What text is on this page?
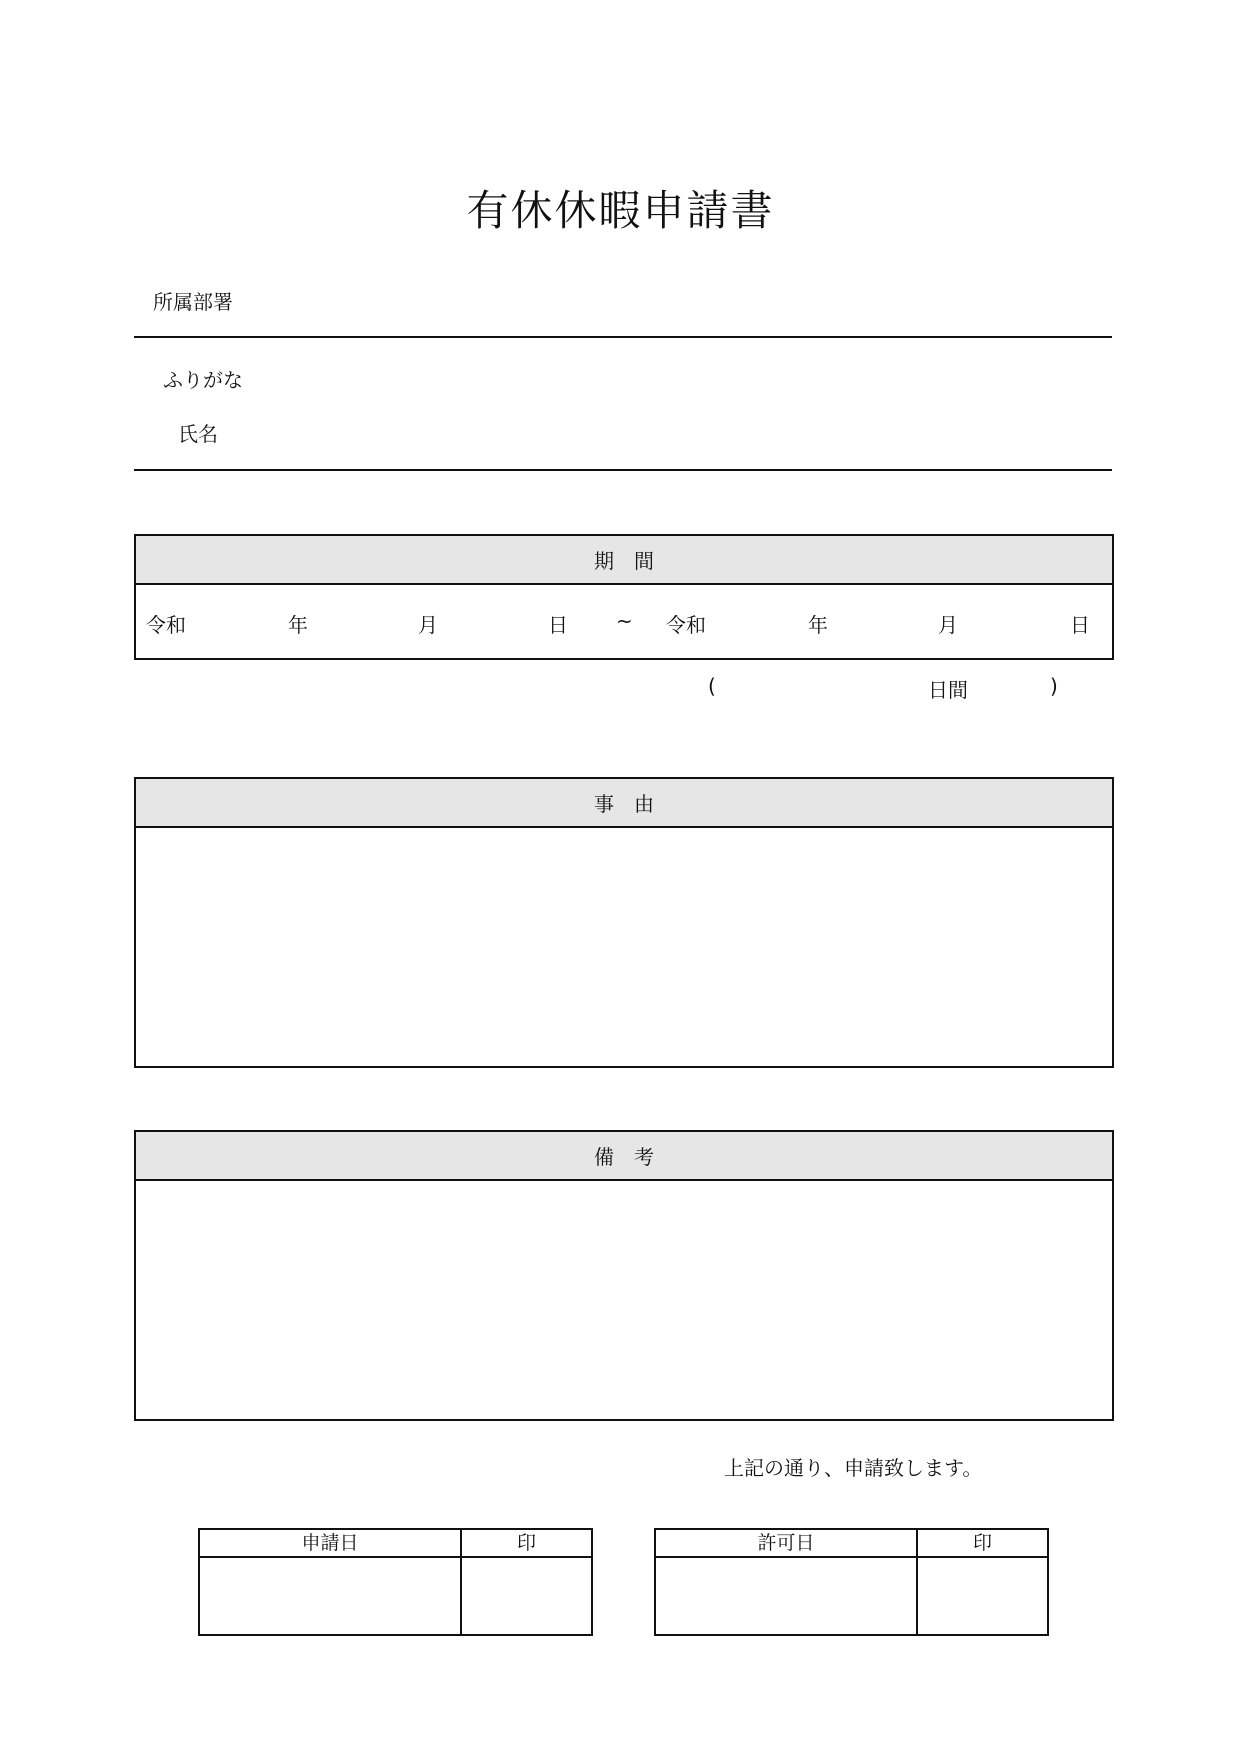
有休休暇申請書
所属部署
ふりがな
氏名
期　間
令和	年	月	日 ~ 令和	年	月	日
(	日間	)
事　由
備　考
上記の通り、申請致します。
申請日	印	許可日	印
